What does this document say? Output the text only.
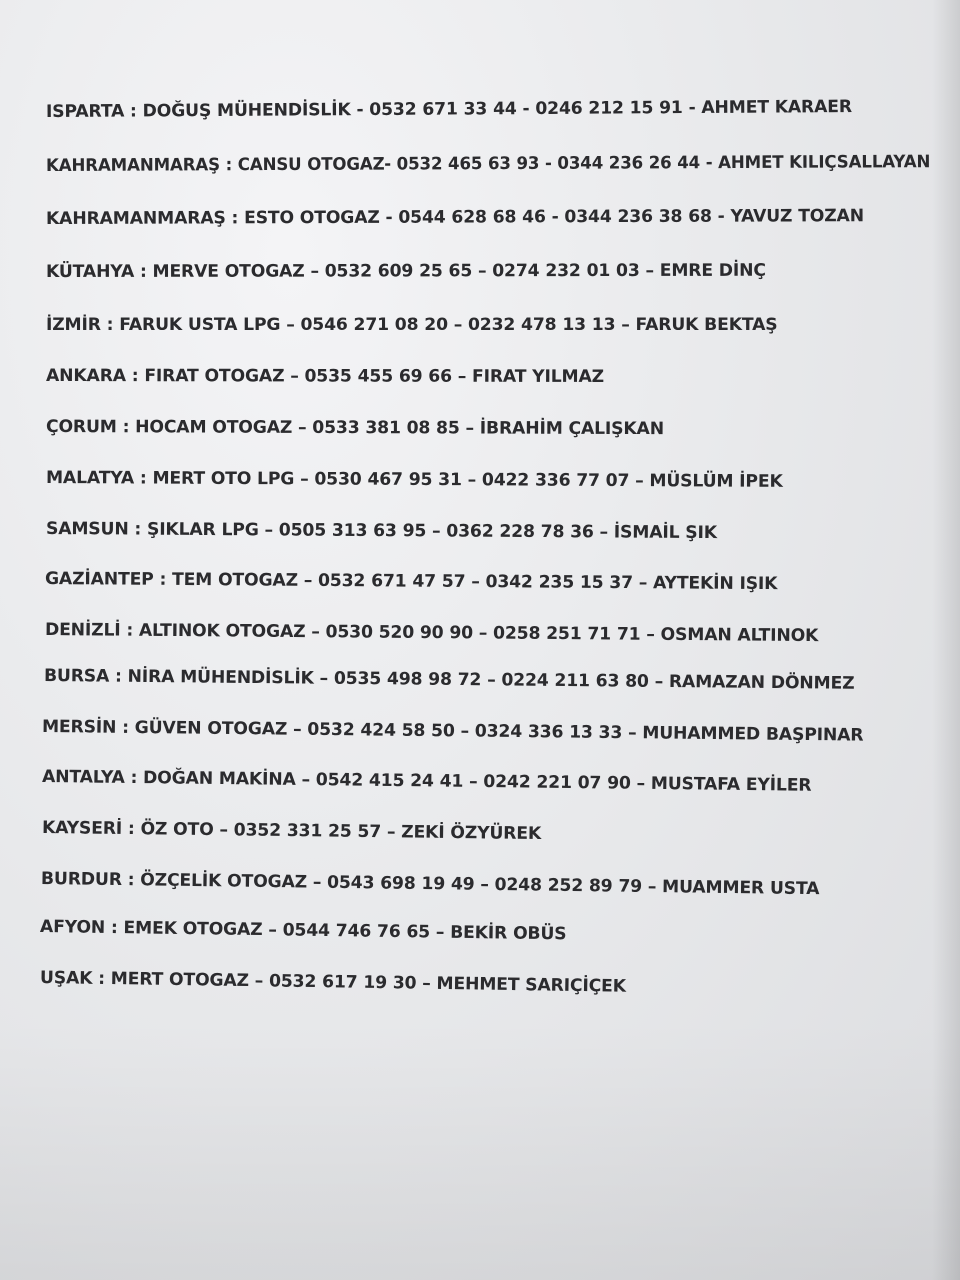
ISPARTA : DOĞUŞ MÜHENDİSLİK - 0532 671 33 44 - 0246 212 15 91 - AHMET KARAER
KAHRAMANMARAŞ : CANSU OTOGAZ- 0532 465 63 93 - 0344 236 26 44 - AHMET KILIÇSALLAYAN
KAHRAMANMARAŞ : ESTO OTOGAZ - 0544 628 68 46 - 0344 236 38 68 - YAVUZ TOZAN
KÜTAHYA : MERVE OTOGAZ – 0532 609 25 65 – 0274 232 01 03 – EMRE DİNÇ
İZMİR : FARUK USTA LPG – 0546 271 08 20 – 0232 478 13 13 – FARUK BEKTAŞ
ANKARA : FIRAT OTOGAZ – 0535 455 69 66 – FIRAT YILMAZ
ÇORUM : HOCAM OTOGAZ – 0533 381 08 85 – İBRAHİM ÇALIŞKAN
MALATYA : MERT OTO LPG – 0530 467 95 31 – 0422 336 77 07 – MÜSLÜM İPEK
SAMSUN : ŞIKLAR LPG – 0505 313 63 95 – 0362 228 78 36 – İSMAİL ŞIK
GAZİANTEP : TEM OTOGAZ – 0532 671 47 57 – 0342 235 15 37 – AYTEKİN IŞIK
DENİZLİ : ALTINOK OTOGAZ – 0530 520 90 90 – 0258 251 71 71 – OSMAN ALTINOK
BURSA : NİRA MÜHENDİSLİK – 0535 498 98 72 – 0224 211 63 80 – RAMAZAN DÖNMEZ
MERSİN : GÜVEN OTOGAZ – 0532 424 58 50 – 0324 336 13 33 – MUHAMMED BAŞPINAR
ANTALYA : DOĞAN MAKİNA – 0542 415 24 41 – 0242 221 07 90 – MUSTAFA EYİLER
KAYSERİ : ÖZ OTO – 0352 331 25 57 – ZEKİ ÖZYÜREK
BURDUR : ÖZÇELİK OTOGAZ – 0543 698 19 49 – 0248 252 89 79 – MUAMMER USTA
AFYON : EMEK OTOGAZ – 0544 746 76 65 – BEKİR OBÜS
UŞAK : MERT OTOGAZ – 0532 617 19 30 – MEHMET SARIÇİÇEK
